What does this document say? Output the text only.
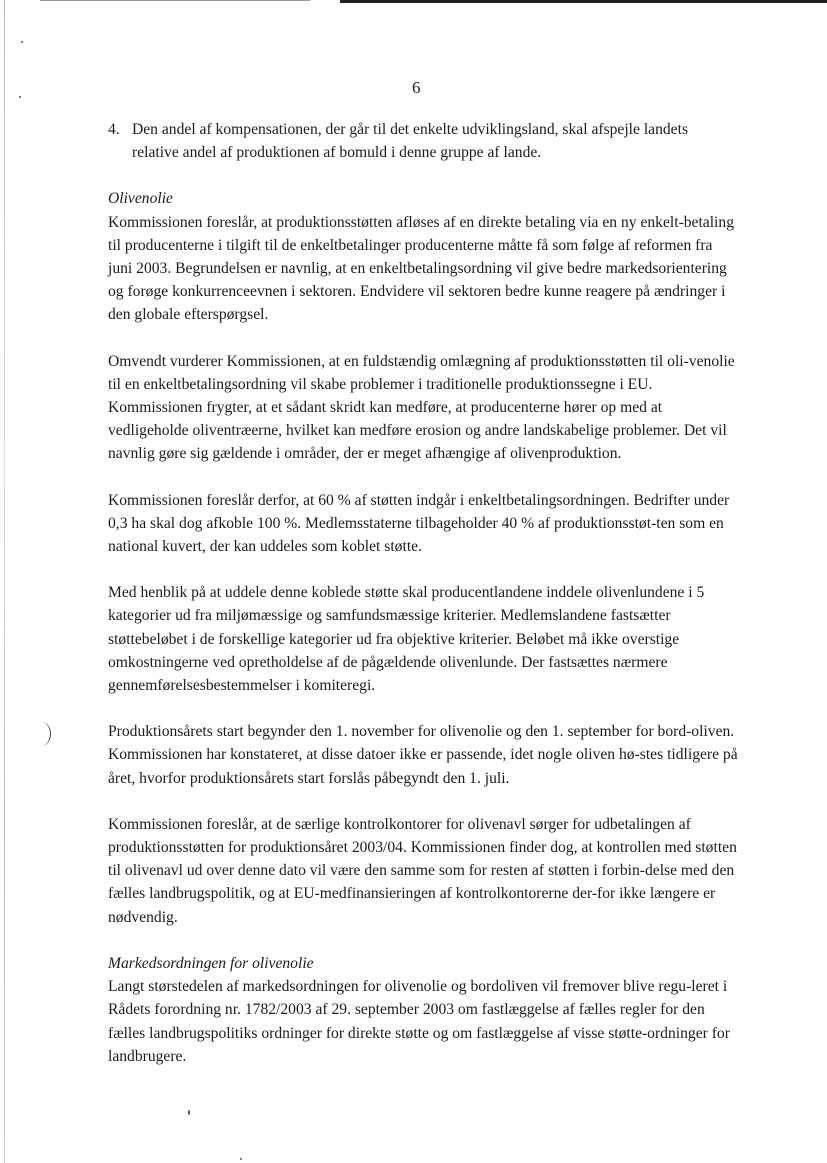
6
4. Den andel af kompensationen, der går til det enkelte udviklingsland, skal afspejle landets relative andel af produktionen af bomuld i denne gruppe af lande.
Olivenolie

Kommissionen foreslår, at produktionsstøtten afløses af en direkte betaling via en ny enkelt-betaling til producenterne i tilgift til de enkeltbetalinger producenterne måtte få som følge af reformen fra juni 2003. Begrundelsen er navnlig, at en enkeltbetalingsordning vil give bedre markedsorientering og forøge konkurrenceevnen i sektoren. Endvidere vil sektoren bedre kunne reagere på ændringer i den globale efterspørgsel.

Omvendt vurderer Kommissionen, at en fuldstændig omlægning af produktionsstøtten til oli-venolie til en enkeltbetalingsordning vil skabe problemer i traditionelle produktionssegne i EU. Kommissionen frygter, at et sådant skridt kan medføre, at producenterne hører op med at vedligeholde oliventræerne, hvilket kan medføre erosion og andre landskabelige problemer. Det vil navnlig gøre sig gældende i områder, der er meget afhængige af olivenproduktion.

Kommissionen foreslår derfor, at 60 % af støtten indgår i enkeltbetalingsordningen. Bedrifter under 0,3 ha skal dog afkoble 100 %. Medlemsstaterne tilbageholder 40 % af produktionsstøt-ten som en national kuvert, der kan uddeles som koblet støtte.

Med henblik på at uddele denne koblede støtte skal producentlandene inddele olivenlundene i 5 kategorier ud fra miljømæssige og samfundsmæssige kriterier. Medlemslandene fastsætter støttebeløbet i de forskellige kategorier ud fra objektive kriterier. Beløbet må ikke overstige omkostningerne ved opretholdelse af de pågældende olivenlunde. Der fastsættes nærmere gennemførelsesbestemmelser i komiteregi.

Produktionsårets start begynder den 1. november for olivenolie og den 1. september for bord-oliven. Kommissionen har konstateret, at disse datoer ikke er passende, idet nogle oliven hø-stes tidligere på året, hvorfor produktionsårets start forslås påbegyndt den 1. juli.

Kommissionen foreslår, at de særlige kontrolkontorer for olivenavl sørger for udbetalingen af produktionsstøtten for produktionsåret 2003/04. Kommissionen finder dog, at kontrollen med støtten til olivenavl ud over denne dato vil være den samme som for resten af støtten i forbin-delse med den fælles landbrugspolitik, og at EU-medfinansieringen af kontrolkontorerne der-for ikke længere er nødvendig.

Markedsordningen for olivenolie

Langt størstedelen af markedsordningen for olivenolie og bordoliven vil fremover blive regu-leret i Rådets forordning nr. 1782/2003 af 29. september 2003 om fastlæggelse af fælles regler for den fælles landbrugspolitiks ordninger for direkte støtte og om fastlæggelse af visse støtte-ordninger for landbrugere.
